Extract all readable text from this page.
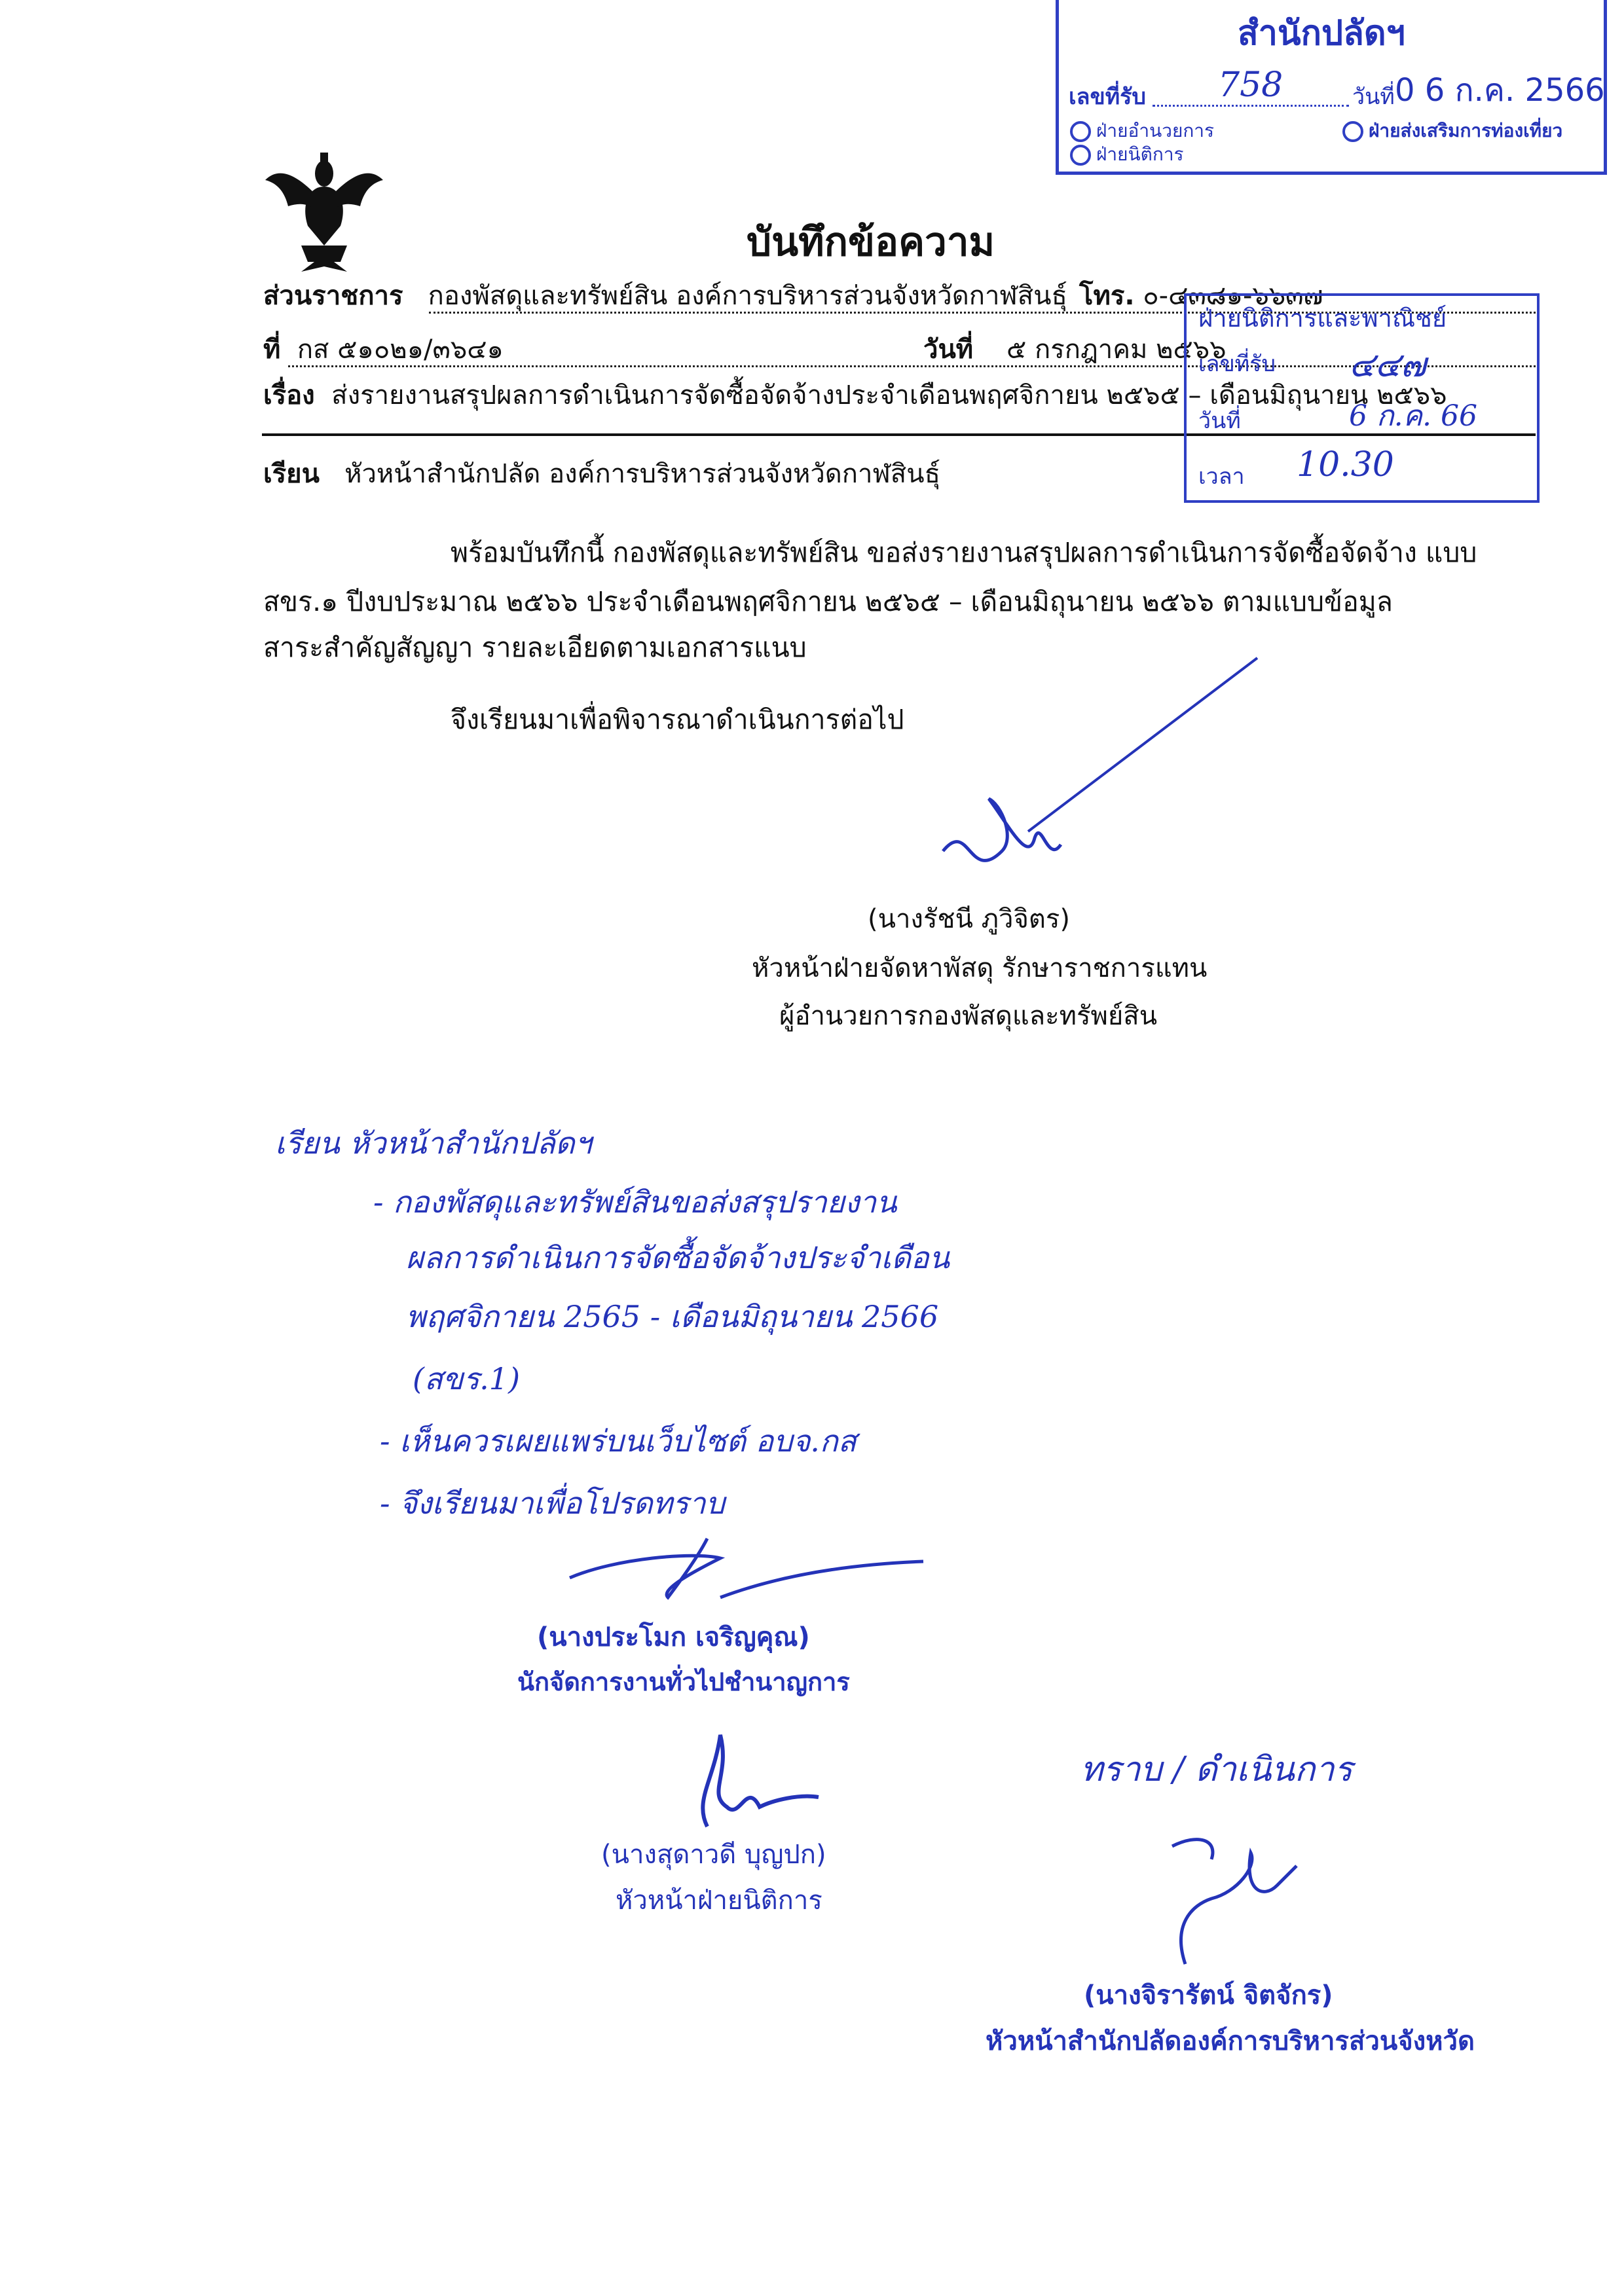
สำนักปลัดฯ
เลขที่รับ 758	วันที่ 0 6 ก.ค. 2566
ฝ่ายอำนวยการ	ฝ่ายส่งเสริมการท่องเที่ยว
ฝ่ายนิติการ
บันทึกข้อความ
ส่วนราชการ กองพัสดุและทรัพย์สิน องค์การบริหารส่วนจังหวัดกาฬสินธุ์ โทร. ๐-๔๓๘๑-๖๖๓๗
ที่ กส ๕๑๐๒๑/๓๖๔๑	วันที่ ๕ กรกฎาคม ๒๕๖๖
เรื่อง ส่งรายงานสรุปผลการดำเนินการจัดซื้อจัดจ้างประจำเดือนพฤศจิกายน ๒๕๖๕ – เดือนมิถุนายน ๒๕๖๖
เรียน หัวหน้าสำนักปลัด องค์การบริหารส่วนจังหวัดกาฬสินธุ์
ฝ่ายนิติการและพาณิชย์
เลขที่รับ ๔๔๗
วันที่	6 ก.ค. 66
เวลา 10.30
พร้อมบันทึกนี้ กองพัสดุและทรัพย์สิน ขอส่งรายงานสรุปผลการดำเนินการจัดซื้อจัดจ้าง แบบ
สขร.๑ ปีงบประมาณ ๒๕๖๖ ประจำเดือนพฤศจิกายน ๒๕๖๕ – เดือนมิถุนายน ๒๕๖๖ ตามแบบข้อมูล
สาระสำคัญสัญญา รายละเอียดตามเอกสารแนบ
จึงเรียนมาเพื่อพิจารณาดำเนินการต่อไป
(นางรัชนี ภูวิจิตร)
หัวหน้าฝ่ายจัดหาพัสดุ รักษาราชการแทน
ผู้อำนวยการกองพัสดุและทรัพย์สิน
เรียน หัวหน้าสำนักปลัดฯ
- กองพัสดุและทรัพย์สินขอส่งสรุปรายงาน
ผลการดำเนินการจัดซื้อจัดจ้างประจำเดือน
พฤศจิกายน 2565 - เดือนมิถุนายน 2566
(สขร.1)
- เห็นควรเผยแพร่บนเว็บไซต์ อบจ.กส
- จึงเรียนมาเพื่อโปรดทราบ
(นางประโมก เจริญคุณ)
นักจัดการงานทั่วไปชำนาญการ
(นางสุดาวดี บุญปก)
หัวหน้าฝ่ายนิติการ
ทราบ / ดำเนินการ
(นางจิรารัตน์ จิตจักร)
หัวหน้าสำนักปลัดองค์การบริหารส่วนจังหวัด
